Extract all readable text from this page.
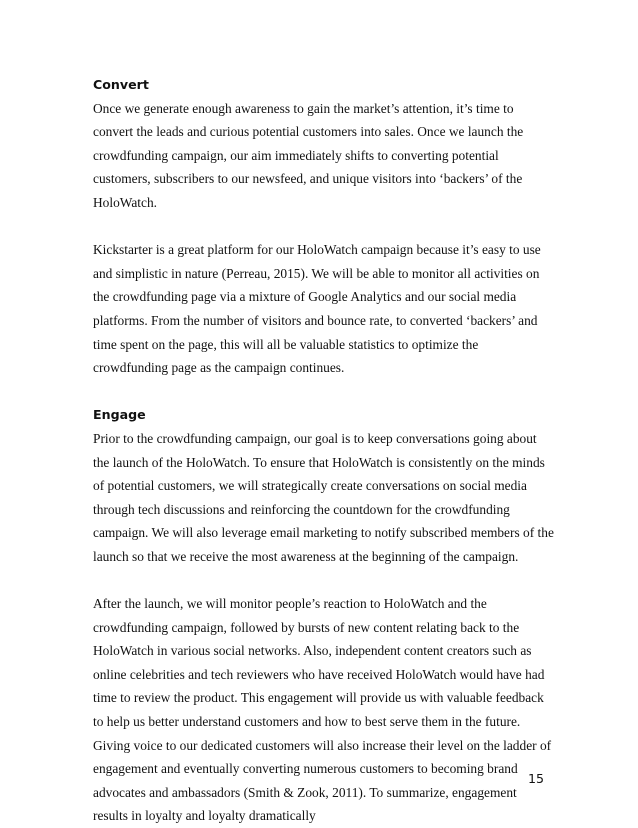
Convert

Once we generate enough awareness to gain the market’s attention, it’s time to convert the leads and curious potential customers into sales. Once we launch the crowdfunding campaign, our aim immediately shifts to converting potential customers, subscribers to our newsfeed, and unique visitors into ‘backers’ of the HoloWatch.

Kickstarter is a great platform for our HoloWatch campaign because it’s easy to use and simplistic in nature (Perreau, 2015). We will be able to monitor all activities on the crowdfunding page via a mixture of Google Analytics and our social media platforms. From the number of visitors and bounce rate, to converted ‘backers’ and time spent on the page, this will all be valuable statistics to optimize the crowdfunding page as the campaign continues.

Engage

Prior to the crowdfunding campaign, our goal is to keep conversations going about the launch of the HoloWatch. To ensure that HoloWatch is consistently on the minds of potential customers, we will strategically create conversations on social media through tech discussions and reinforcing the countdown for the crowdfunding campaign. We will also leverage email marketing to notify subscribed members of the launch so that we receive the most awareness at the beginning of the campaign.

After the launch, we will monitor people’s reaction to HoloWatch and the crowdfunding campaign, followed by bursts of new content relating back to the HoloWatch in various social networks. Also, independent content creators such as online celebrities and tech reviewers who have received HoloWatch would have had time to review the product. This engagement will provide us with valuable feedback to help us better understand customers and how to best serve them in the future. Giving voice to our dedicated customers will also increase their level on the ladder of engagement and eventually converting numerous customers to becoming brand advocates and ambassadors (Smith & Zook, 2011). To summarize, engagement results in loyalty and loyalty dramatically

15
